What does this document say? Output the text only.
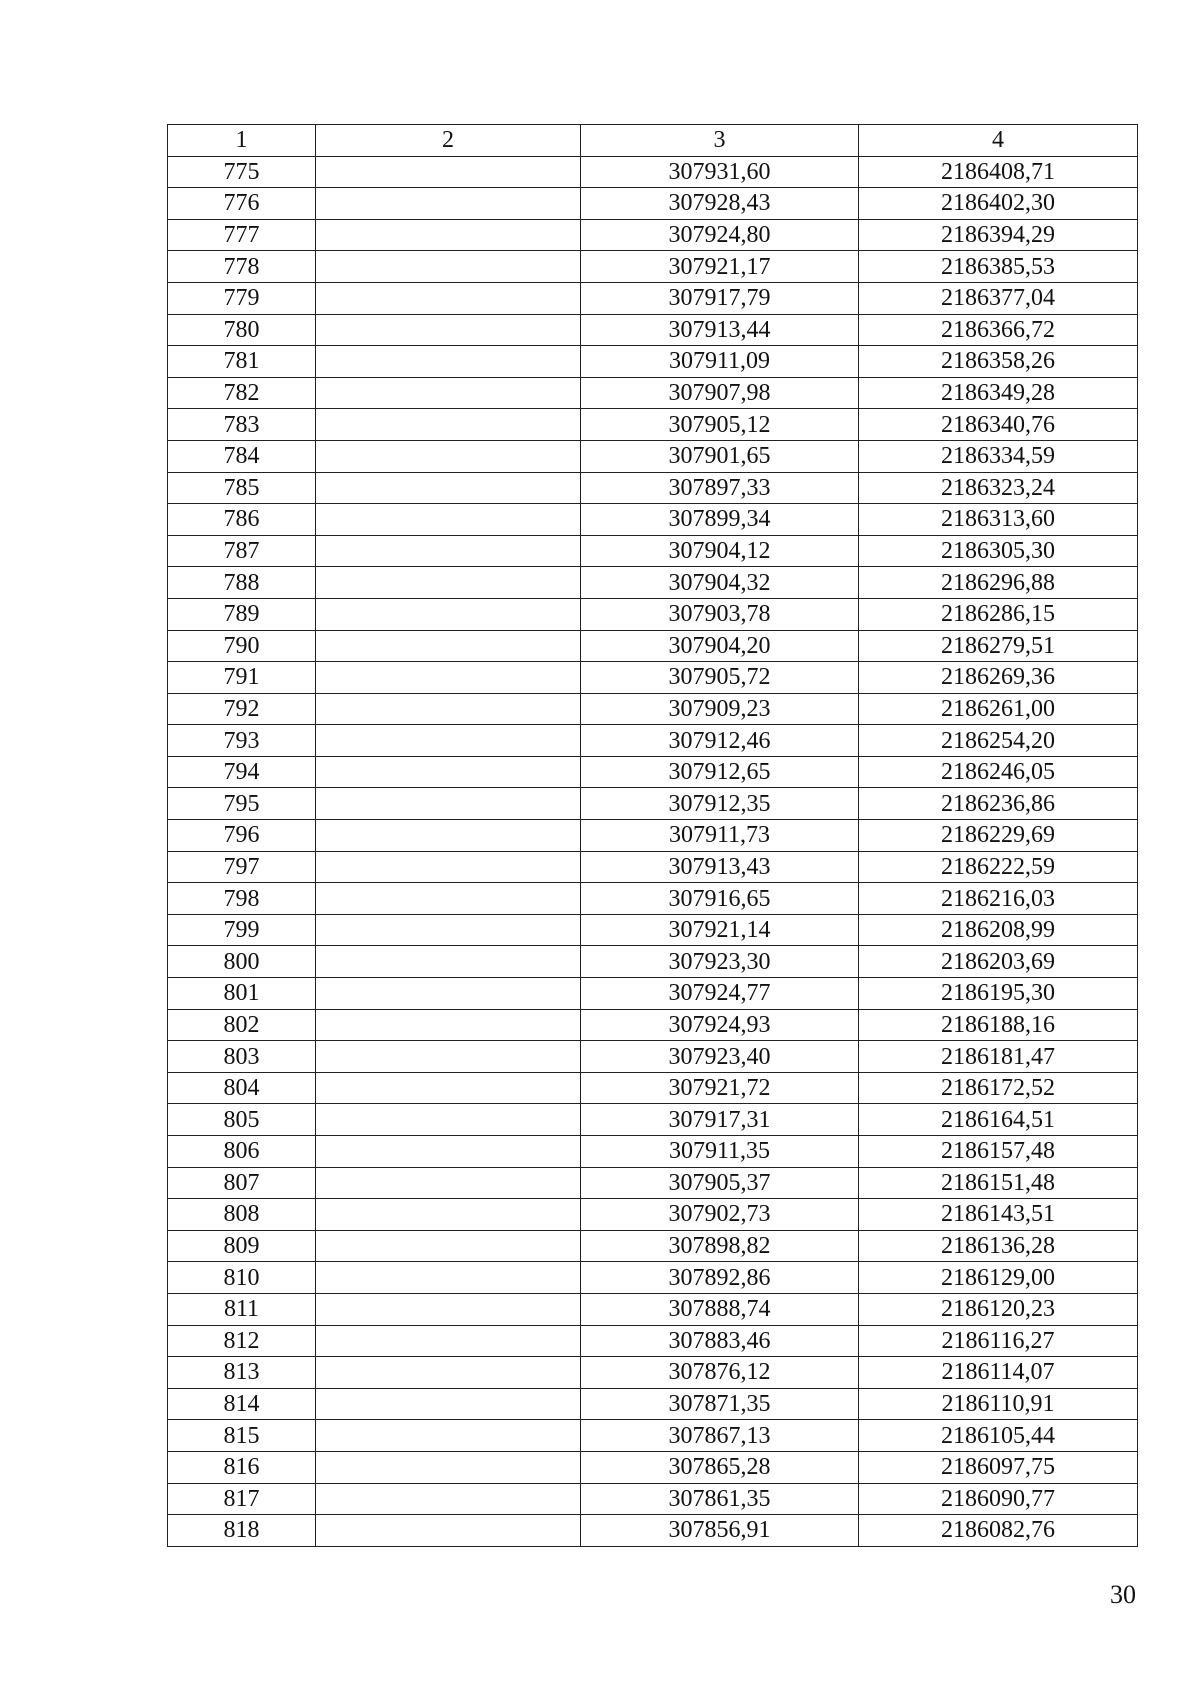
1	2	3	4
775		307931,60	2186408,71
776		307928,43	2186402,30
777		307924,80	2186394,29
778		307921,17	2186385,53
779		307917,79	2186377,04
780		307913,44	2186366,72
781		307911,09	2186358,26
782		307907,98	2186349,28
783		307905,12	2186340,76
784		307901,65	2186334,59
785		307897,33	2186323,24
786		307899,34	2186313,60
787		307904,12	2186305,30
788		307904,32	2186296,88
789		307903,78	2186286,15
790		307904,20	2186279,51
791		307905,72	2186269,36
792		307909,23	2186261,00
793		307912,46	2186254,20
794		307912,65	2186246,05
795		307912,35	2186236,86
796		307911,73	2186229,69
797		307913,43	2186222,59
798		307916,65	2186216,03
799		307921,14	2186208,99
800		307923,30	2186203,69
801		307924,77	2186195,30
802		307924,93	2186188,16
803		307923,40	2186181,47
804		307921,72	2186172,52
805		307917,31	2186164,51
806		307911,35	2186157,48
807		307905,37	2186151,48
808		307902,73	2186143,51
809		307898,82	2186136,28
810		307892,86	2186129,00
811		307888,74	2186120,23
812		307883,46	2186116,27
813		307876,12	2186114,07
814		307871,35	2186110,91
815		307867,13	2186105,44
816		307865,28	2186097,75
817		307861,35	2186090,77
818		307856,91	2186082,76
30
